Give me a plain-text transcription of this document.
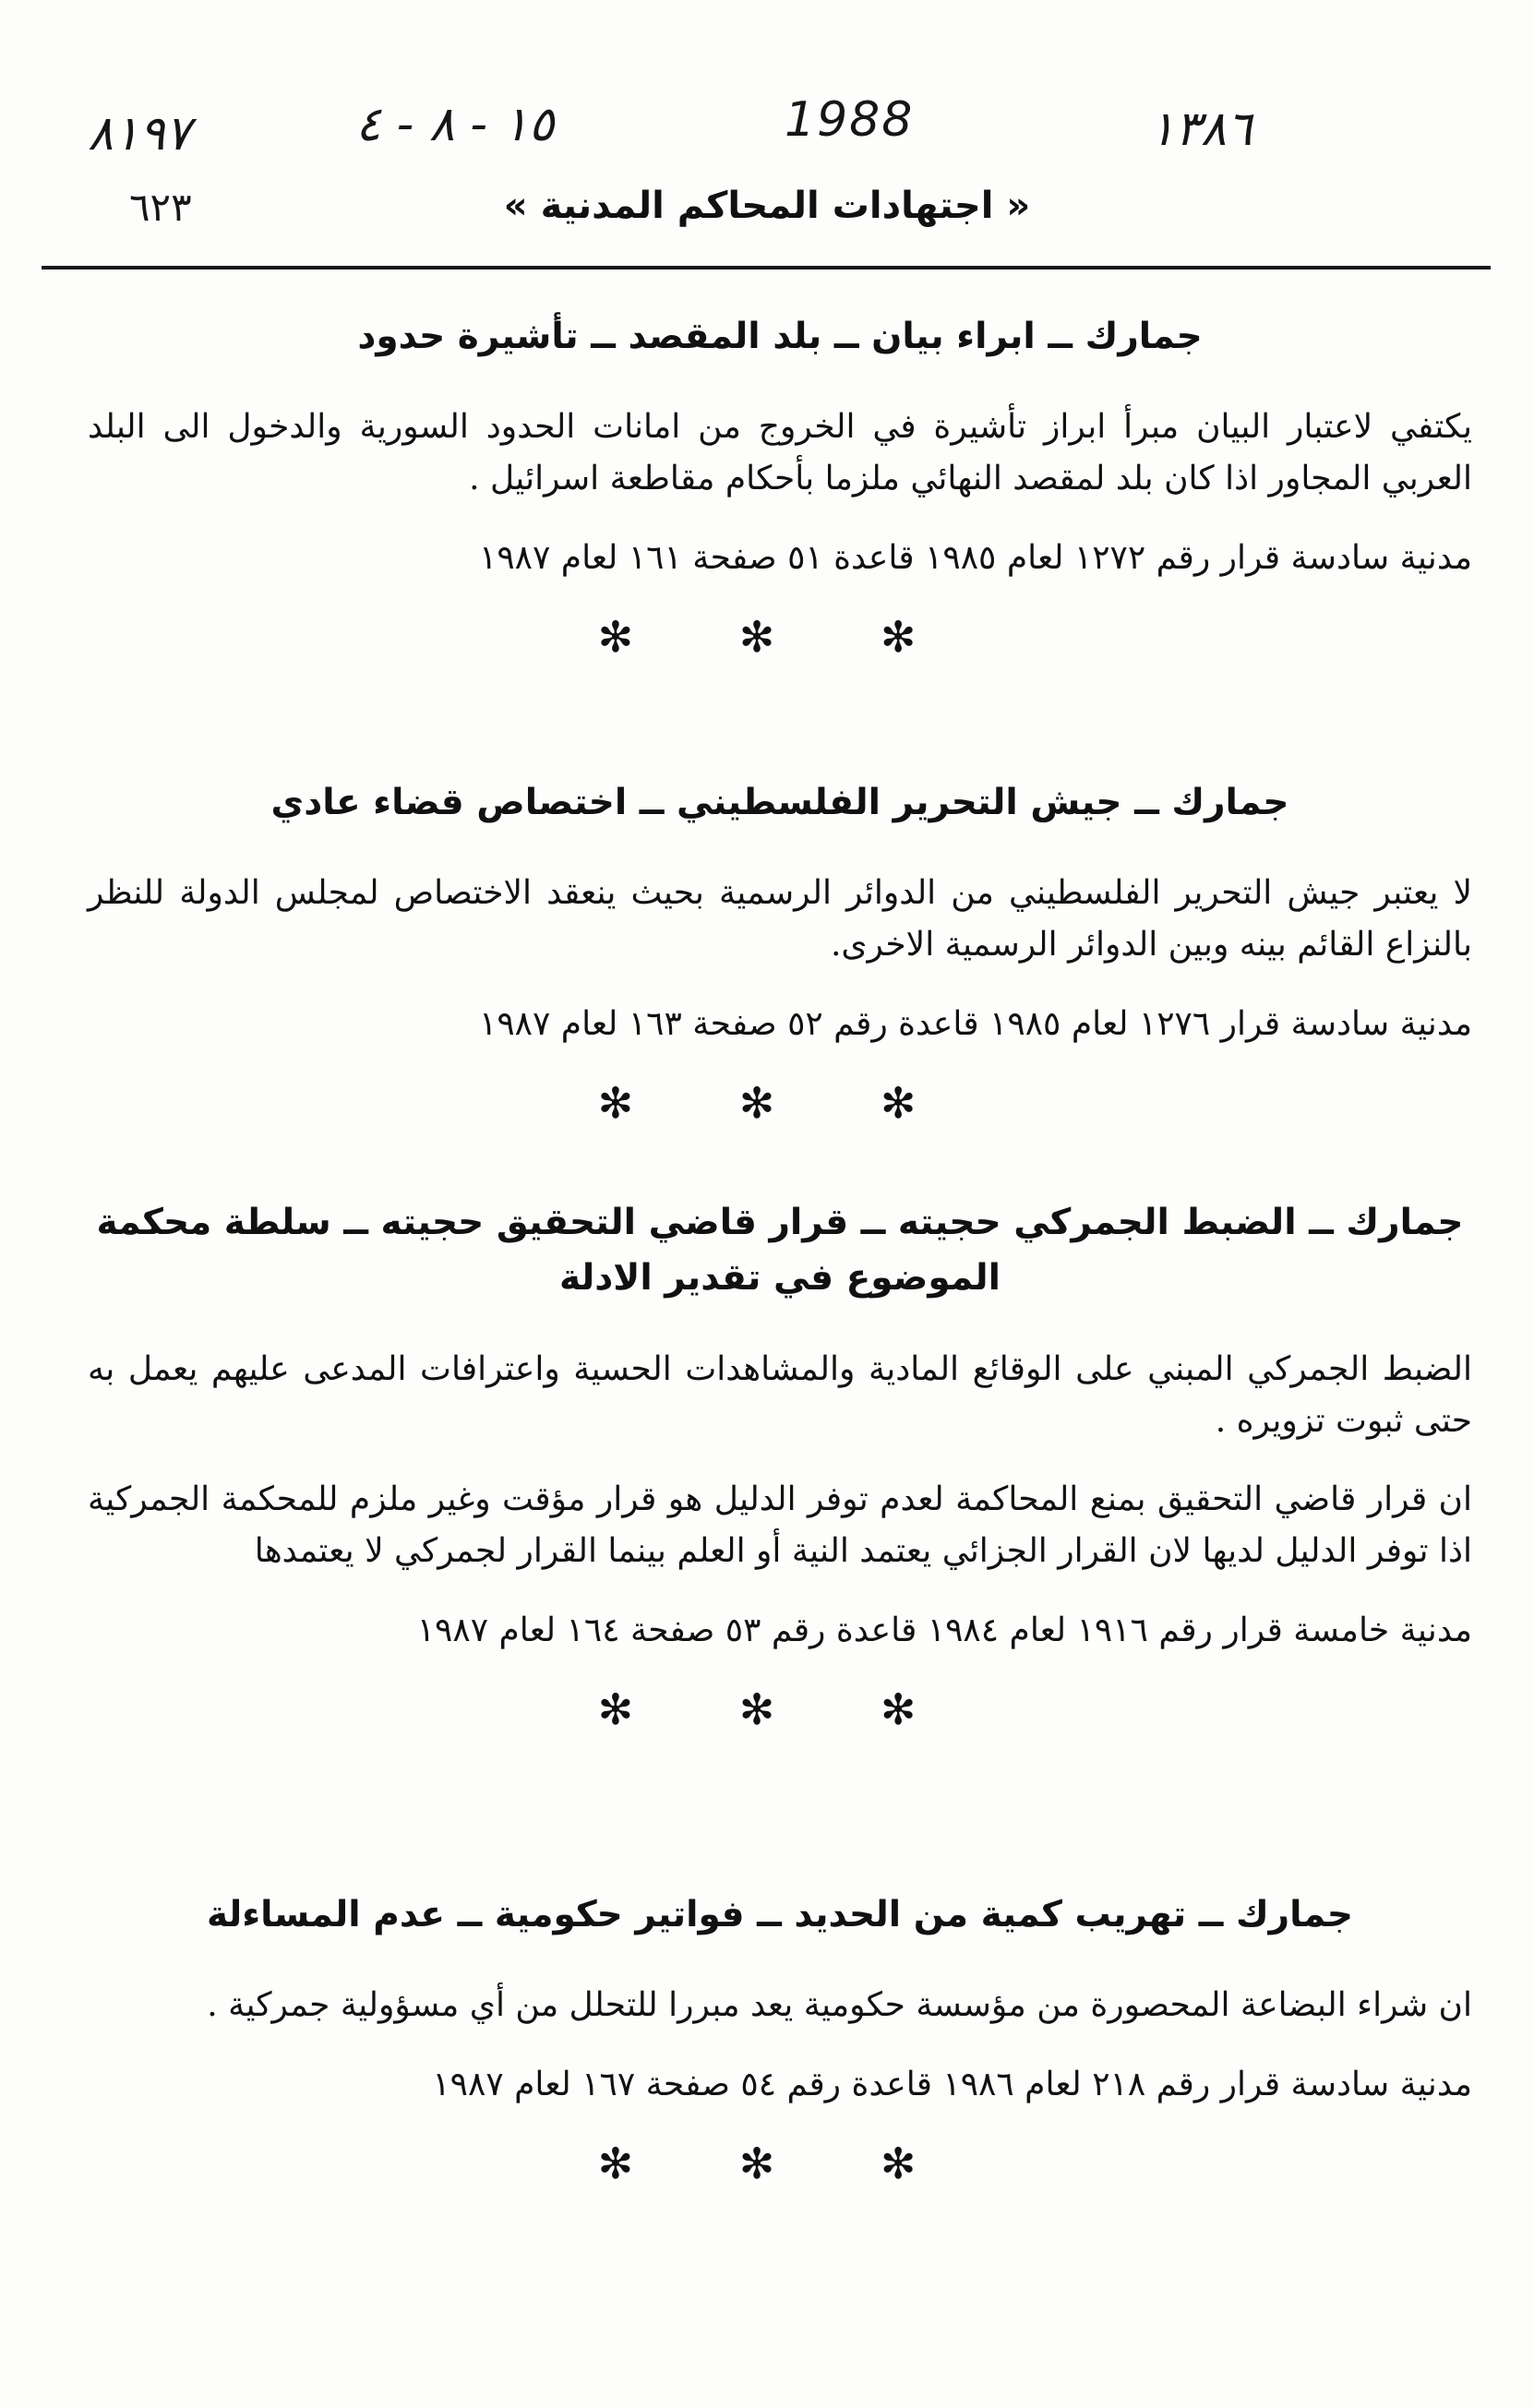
٨١٩٧	١٥ - ٨ - ٤	1988	١٣٨٦
٦٢٣	« اجتهادات المحاكم المدنية »
جمارك ــ ابراء بيان ــ بلد المقصد ــ تأشيرة حدود

يكتفي لاعتبار البيان مبرأ ابراز تأشيرة في الخروج من امانات الحدود السورية والدخول الى البلد العربي المجاور اذا كان بلد لمقصد النهائي ملزما بأحكام مقاطعة اسرائيل .

مدنية سادسة قرار رقم ١٢٧٢ لعام ١٩٨٥ قاعدة ٥١ صفحة ١٦١ لعام ١٩٨٧
✻ ✻ ✻
جمارك ــ جيش التحرير الفلسطيني ــ اختصاص قضاء عادي

لا يعتبر جيش التحرير الفلسطيني من الدوائر الرسمية بحيث ينعقد الاختصاص لمجلس الدولة للنظر بالنزاع القائم بينه وبين الدوائر الرسمية الاخرى.

مدنية سادسة قرار ١٢٧٦ لعام ١٩٨٥ قاعدة رقم ٥٢ صفحة ١٦٣ لعام ١٩٨٧
✻ ✻ ✻
جمارك ــ الضبط الجمركي حجيته ــ قرار قاضي التحقيق حجيته ــ سلطة محكمة الموضوع في تقدير الادلة

الضبط الجمركي المبني على الوقائع المادية والمشاهدات الحسية واعترافات المدعى عليهم يعمل به حتى ثبوت تزويره .

ان قرار قاضي التحقيق بمنع المحاكمة لعدم توفر الدليل هو قرار مؤقت وغير ملزم للمحكمة الجمركية اذا توفر الدليل لديها لان القرار الجزائي يعتمد النية أو العلم بينما القرار لجمركي لا يعتمدها

مدنية خامسة قرار رقم ١٩١٦ لعام ١٩٨٤ قاعدة رقم ٥٣ صفحة ١٦٤ لعام ١٩٨٧
✻ ✻ ✻
جمارك ــ تهريب كمية من الحديد ــ فواتير حكومية ــ عدم المساءلة

ان شراء البضاعة المحصورة من مؤسسة حكومية يعد مبررا للتحلل من أي مسؤولية جمركية .

مدنية سادسة قرار رقم ٢١٨ لعام ١٩٨٦ قاعدة رقم ٥٤ صفحة ١٦٧ لعام ١٩٨٧
✻ ✻ ✻
